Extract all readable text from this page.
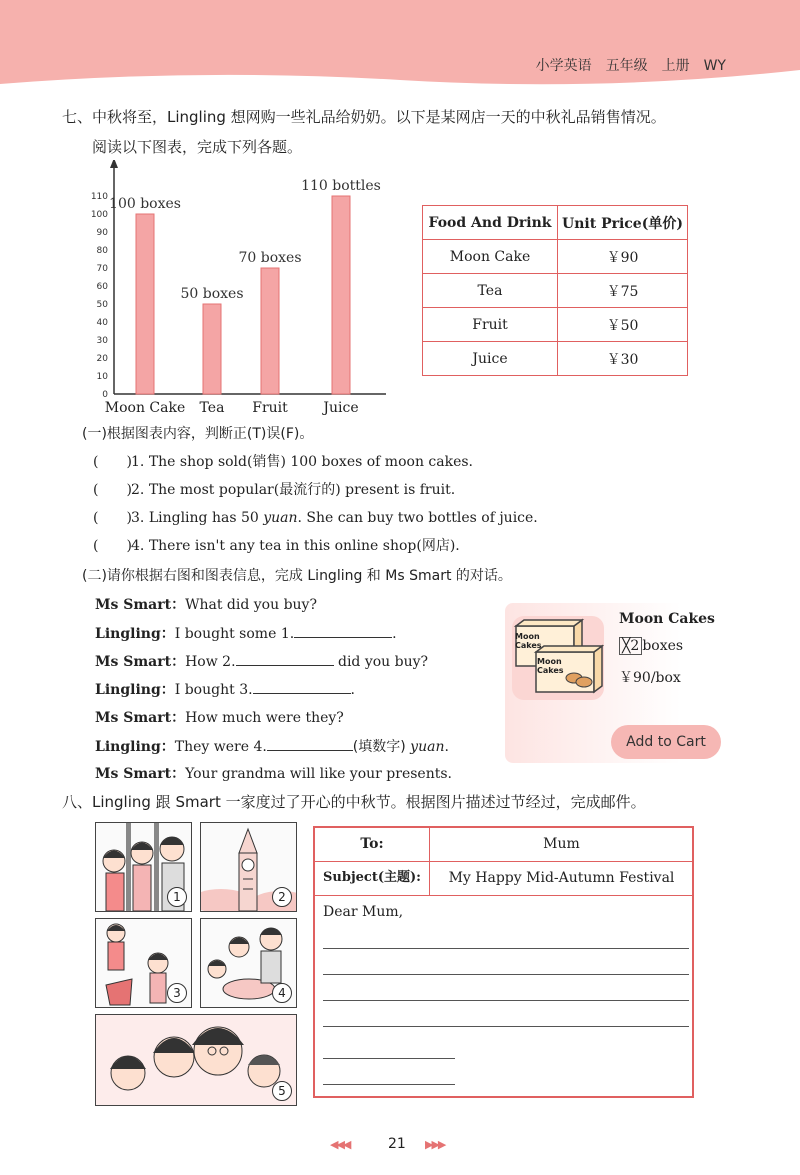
小学英语　五年级　上册　WY
七、中秋将至，Lingling 想网购一些礼品给奶奶。以下是某网店一天的中秋礼品销售情况。
阅读以下图表，完成下列各题。
0
10
20
30
40
50
60
70
80
90
100
110 100 boxes
Moon Cake
50 boxes
Tea
70 boxes
Fruit
110 bottles
Juice
Food And Drink	Unit Price(单价)
Moon Cake	￥90
Tea	￥75
Fruit	￥50
Juice	￥30
(一)根据图表内容，判断正(T)误(F)。
(　　)1. The shop sold(销售) 100 boxes of moon cakes.
(　　)2. The most popular(最流行的) present is fruit.
(　　)3. Lingling has 50 yuan. She can buy two bottles of juice.
(　　)4. There isn't any tea in this online shop(网店).
(二)请你根据右图和图表信息，完成 Lingling 和 Ms Smart 的对话。
Ms Smart：What did you buy?
Lingling：I bought some 1.	.
Ms Smart：How 2.	did you buy?
Lingling：I bought 3.	.
Ms Smart：How much were they?
Lingling：They were 4.	(填数字) yuan.
Ms Smart：Your grandma will like your presents.
Moon Cakes
Moon Cakes
Moon Cakes
╳2 boxes
￥90/box
Add to Cart
八、Lingling 跟 Smart 一家度过了开心的中秋节。根据图片描述过节经过，完成邮件。
1	2
3	4
5
To:	Mum
Subject(主题):	My Happy Mid-Autumn Festival
Dear Mum,
◀◀◀	21 ▶▶▶
